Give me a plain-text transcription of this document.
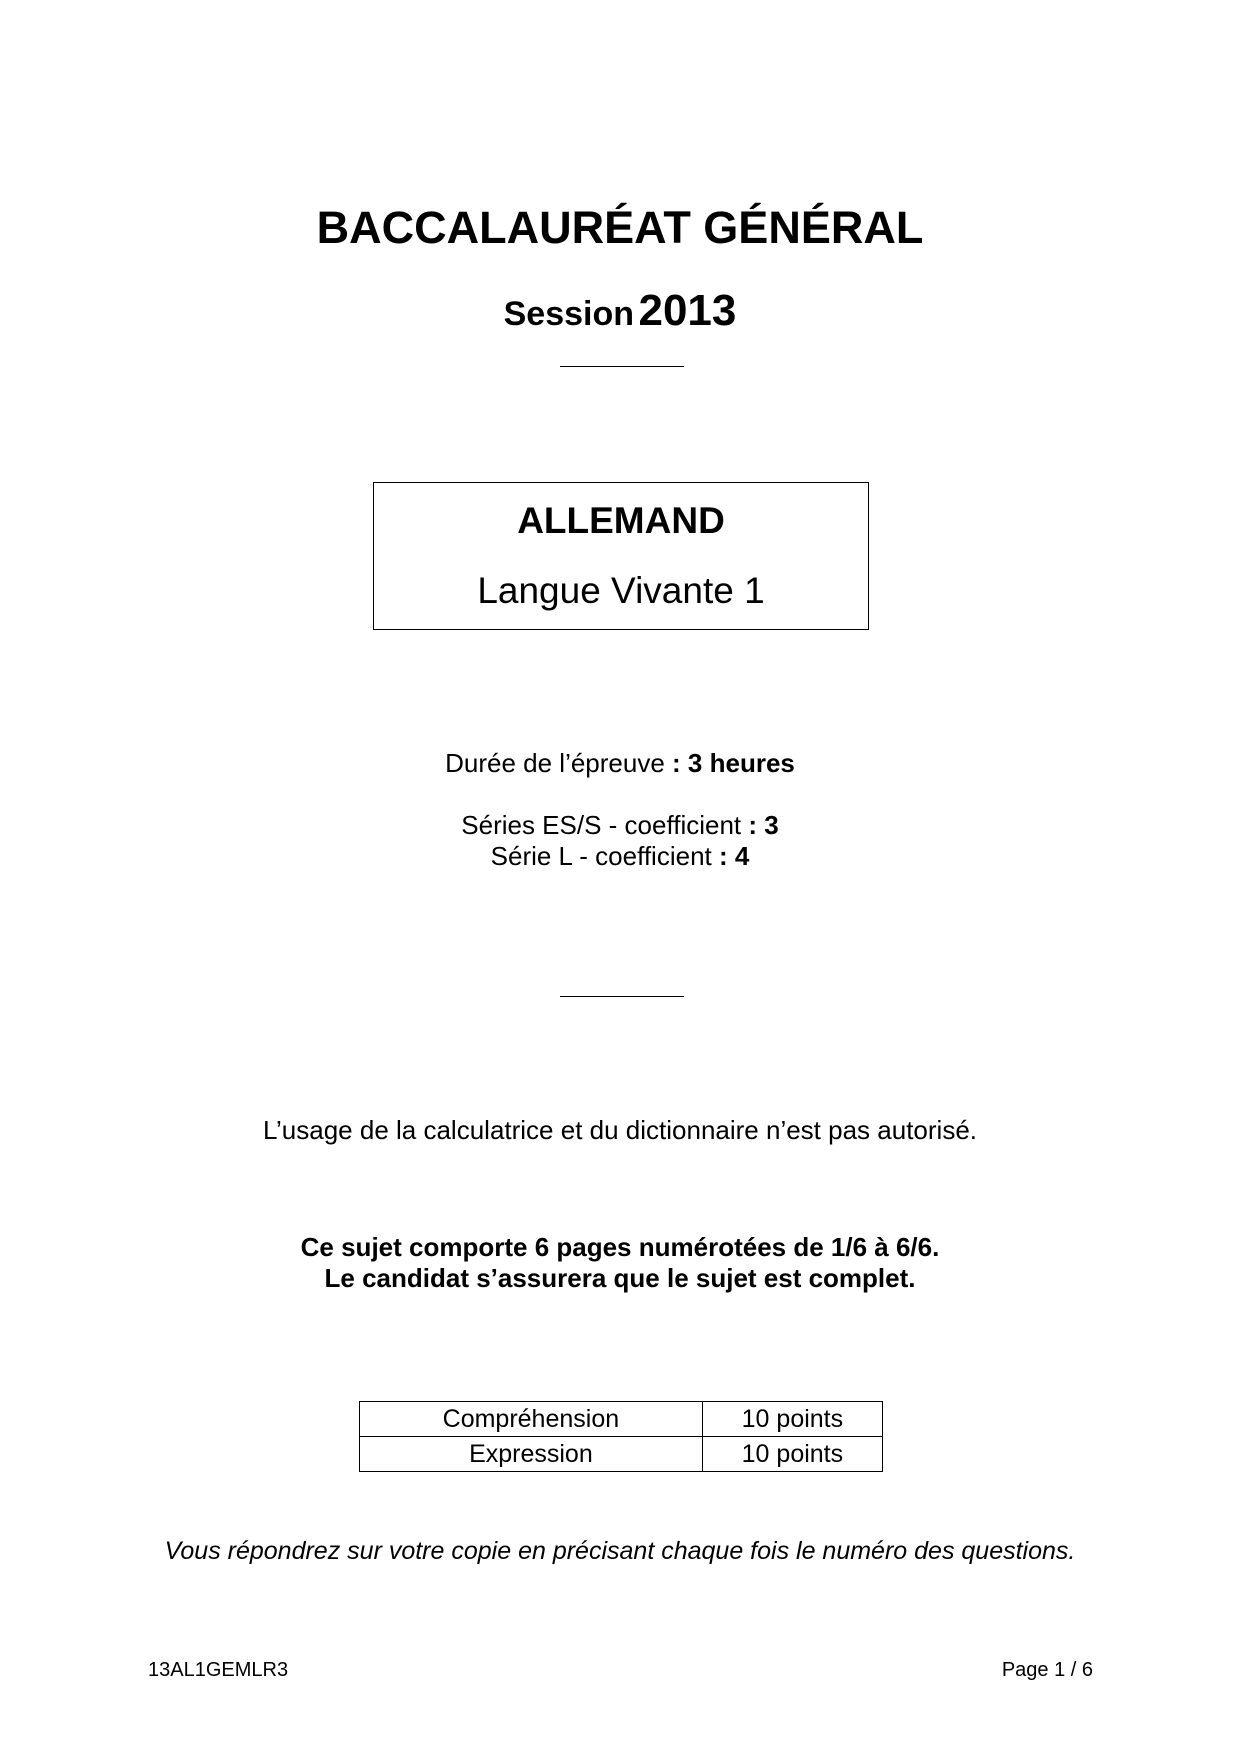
BACCALAURÉAT GÉNÉRAL
Session 2013
ALLEMAND
Langue Vivante 1
Durée de l’épreuve : 3 heures
Séries ES/S - coefficient : 3
Série L - coefficient : 4
L’usage de la calculatrice et du dictionnaire n’est pas autorisé.
Ce sujet comporte 6 pages numérotées de 1/6 à 6/6.
Le candidat s’assurera que le sujet est complet.
Compréhension	10 points
Expression	10 points
Vous répondrez sur votre copie en précisant chaque fois le numéro des questions.
13AL1GEMLR3	Page 1 / 6
